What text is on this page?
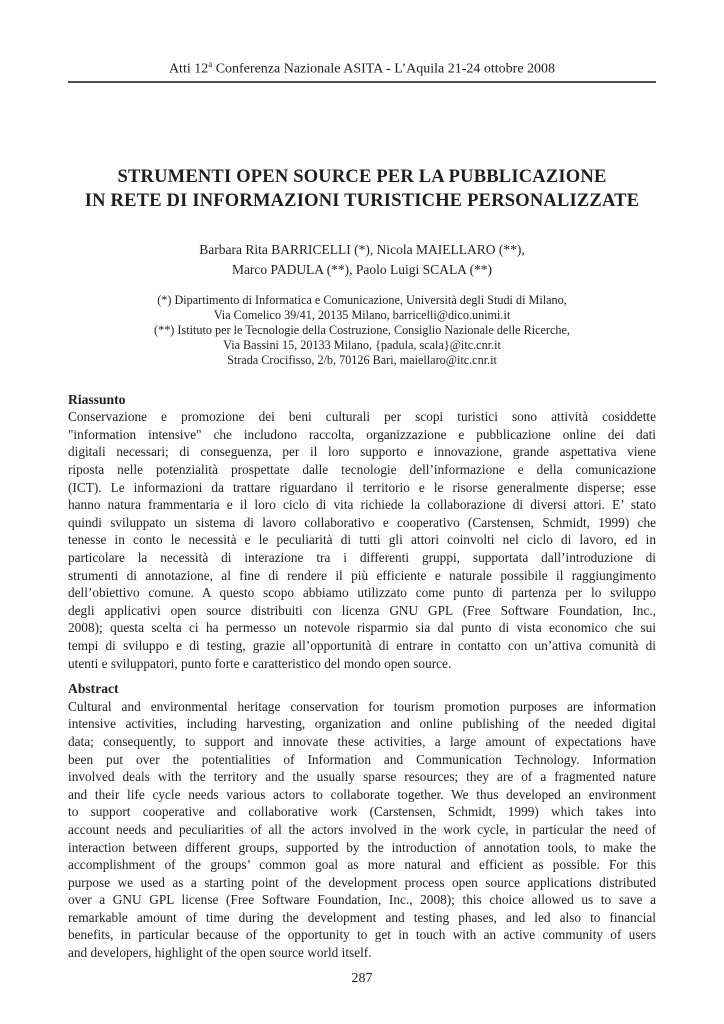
Atti 12$^a$ Conferenza Nazionale ASITA - L’Aquila 21-24 ottobre 2008
STRUMENTI OPEN SOURCE PER LA PUBBLICAZIONE
IN RETE DI INFORMAZIONI TURISTICHE PERSONALIZZATE
Barbara Rita BARRICELLI (*), Nicola MAIELLARO (**),
Marco PADULA (**), Paolo Luigi SCALA (**)
(*) Dipartimento di Informatica e Comunicazione, Università degli Studi di Milano,
Via Comelico 39/41, 20135 Milano, barricelli@dico.unimi.it
(**) Istituto per le Tecnologie della Costruzione, Consiglio Nazionale delle Ricerche,
Via Bassini 15, 20133 Milano, {padula, scala}@itc.cnr.it
Strada Crocifisso, 2/b, 70126 Bari, maiellaro@itc.cnr.it
Riassunto
Conservazione e promozione dei beni culturali per scopi turistici sono attività cosiddette
"information intensive" che includono raccolta, organizzazione e pubblicazione online dei dati
digitali necessari; di conseguenza, per il loro supporto e innovazione, grande aspettativa viene
riposta nelle potenzialità prospettate dalle tecnologie dell’informazione e della comunicazione
(ICT). Le informazioni da trattare riguardano il territorio e le risorse generalmente disperse; esse
hanno natura frammentaria e il loro ciclo di vita richiede la collaborazione di diversi attori. E’ stato
quindi sviluppato un sistema di lavoro collaborativo e cooperativo (Carstensen, Schmidt, 1999) che
tenesse in conto le necessità e le peculiarità di tutti gli attori coinvolti nel ciclo di lavoro, ed in
particolare la necessità di interazione tra i differenti gruppi, supportata dall’introduzione di
strumenti di annotazione, al fine di rendere il più efficiente e naturale possibile il raggiungimento
dell’obiettivo comune. A questo scopo abbiamo utilizzato come punto di partenza per lo sviluppo
degli applicativi open source distribuiti con licenza GNU GPL (Free Software Foundation, Inc.,
2008); questa scelta ci ha permesso un notevole risparmio sia dal punto di vista economico che sui
tempi di sviluppo e di testing, grazie all’opportunità di entrare in contatto con un’attiva comunità di
utenti e sviluppatori, punto forte e caratteristico del mondo open source.
Abstract
Cultural and environmental heritage conservation for tourism promotion purposes are information
intensive activities, including harvesting, organization and online publishing of the needed digital
data; consequently, to support and innovate these activities, a large amount of expectations have
been put over the potentialities of Information and Communication Technology. Information
involved deals with the territory and the usually sparse resources; they are of a fragmented nature
and their life cycle needs various actors to collaborate together. We thus developed an environment
to support cooperative and collaborative work (Carstensen, Schmidt, 1999) which takes into
account needs and peculiarities of all the actors involved in the work cycle, in particular the need of
interaction between different groups, supported by the introduction of annotation tools, to make the
accomplishment of the groups’ common goal as more natural and efficient as possible. For this
purpose we used as a starting point of the development process open source applications distributed
over a GNU GPL license (Free Software Foundation, Inc., 2008); this choice allowed us to save a
remarkable amount of time during the development and testing phases, and led also to financial
benefits, in particular because of the opportunity to get in touch with an active community of users
and developers, highlight of the open source world itself.
287
